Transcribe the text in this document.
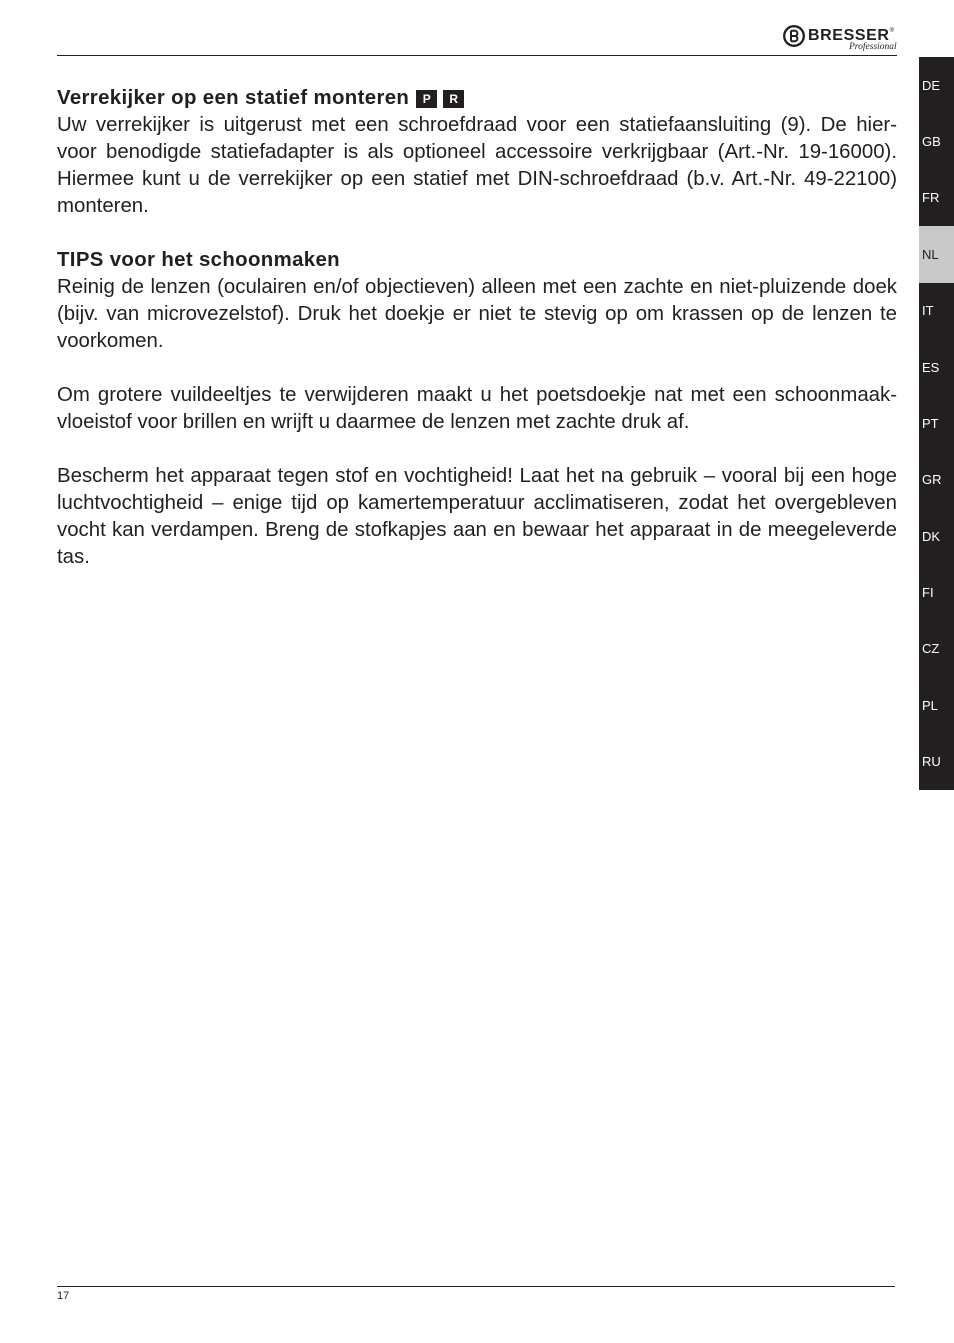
BRESSER®
Professional
Verrekijker op een statief monteren	P	R
Uw verrekijker is uitgerust met een schroefdraad voor een statiefaansluiting (9). De hier-
voor benodigde statiefadapter is als optioneel accessoire verkrijgbaar (Art.-Nr. 19-16000).
Hiermee kunt u de verrekijker op een statief met DIN-schroefdraad (b.v. Art.-Nr. 49-22100)
monteren.
TIPS voor het schoonmaken
Reinig de lenzen (oculairen en/of objectieven) alleen met een zachte en niet-pluizende doek
(bijv. van microvezelstof). Druk het doekje er niet te stevig op om krassen op de lenzen te
voorkomen.
Om grotere vuildeeltjes te verwijderen maakt u het poetsdoekje nat met een schoonmaak-
vloeistof voor brillen en wrijft u daarmee de lenzen met zachte druk af.
Bescherm het apparaat tegen stof en vochtigheid! Laat het na gebruik – vooral bij een hoge
luchtvochtigheid – enige tijd op kamertemperatuur acclimatiseren, zodat het overgebleven
vocht kan verdampen. Breng de stofkapjes aan en bewaar het apparaat in de meegeleverde
tas.
DE
GB
FR
NL
IT
ES
PT
GR
DK
FI
CZ
PL
RU
17
